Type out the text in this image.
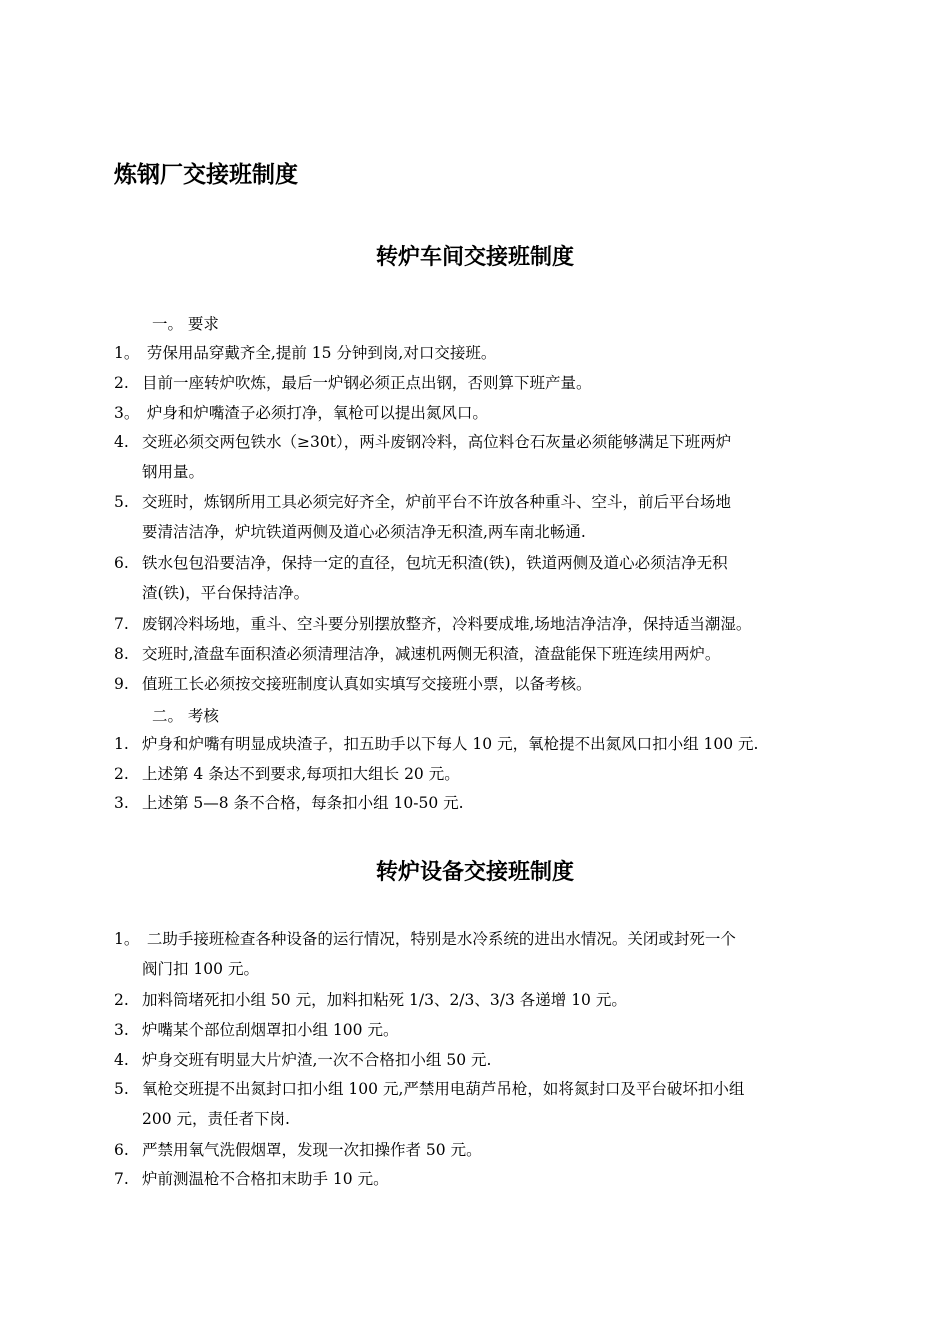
炼钢厂交接班制度
转炉车间交接班制度
一。 要求
1。 劳保用品穿戴齐全,提前 15 分钟到岗,对口交接班。
2. 目前一座转炉吹炼，最后一炉钢必须正点出钢，否则算下班产量。
3。 炉身和炉嘴渣子必须打净，氧枪可以提出氮风口。
4. 交班必须交两包铁水（≥30t），两斗废钢冷料，高位料仓石灰量必须能够满足下班两炉
钢用量。
5. 交班时，炼钢所用工具必须完好齐全，炉前平台不许放各种重斗、空斗，前后平台场地
要清洁洁净，炉坑铁道两侧及道心必须洁净无积渣,两车南北畅通.
6. 铁水包包沿要洁净，保持一定的直径，包坑无积渣(铁)，铁道两侧及道心必须洁净无积
渣(铁)，平台保持洁净。
7. 废钢冷料场地，重斗、空斗要分别摆放整齐，冷料要成堆,场地洁净洁净，保持适当潮湿。
8. 交班时,渣盘车面积渣必须清理洁净，减速机两侧无积渣，渣盘能保下班连续用两炉。
9. 值班工长必须按交接班制度认真如实填写交接班小票，以备考核。
二。 考核
1. 炉身和炉嘴有明显成块渣子，扣五助手以下每人 10 元，氧枪提不出氮风口扣小组 100 元.
2. 上述第 4 条达不到要求,每项扣大组长 20 元。
3. 上述第 5—8 条不合格，每条扣小组 10-50 元.
转炉设备交接班制度
1。 二助手接班检查各种设备的运行情况，特别是水冷系统的进出水情况。关闭或封死一个
阀门扣 100 元。
2. 加料筒堵死扣小组 50 元，加料扣粘死 1/3、2/3、3/3 各递增 10 元。
3. 炉嘴某个部位刮烟罩扣小组 100 元。
4. 炉身交班有明显大片炉渣,一次不合格扣小组 50 元.
5. 氧枪交班提不出氮封口扣小组 100 元,严禁用电葫芦吊枪，如将氮封口及平台破坏扣小组
200 元，责任者下岗.
6. 严禁用氧气洗假烟罩，发现一次扣操作者 50 元。
7. 炉前测温枪不合格扣末助手 10 元。
